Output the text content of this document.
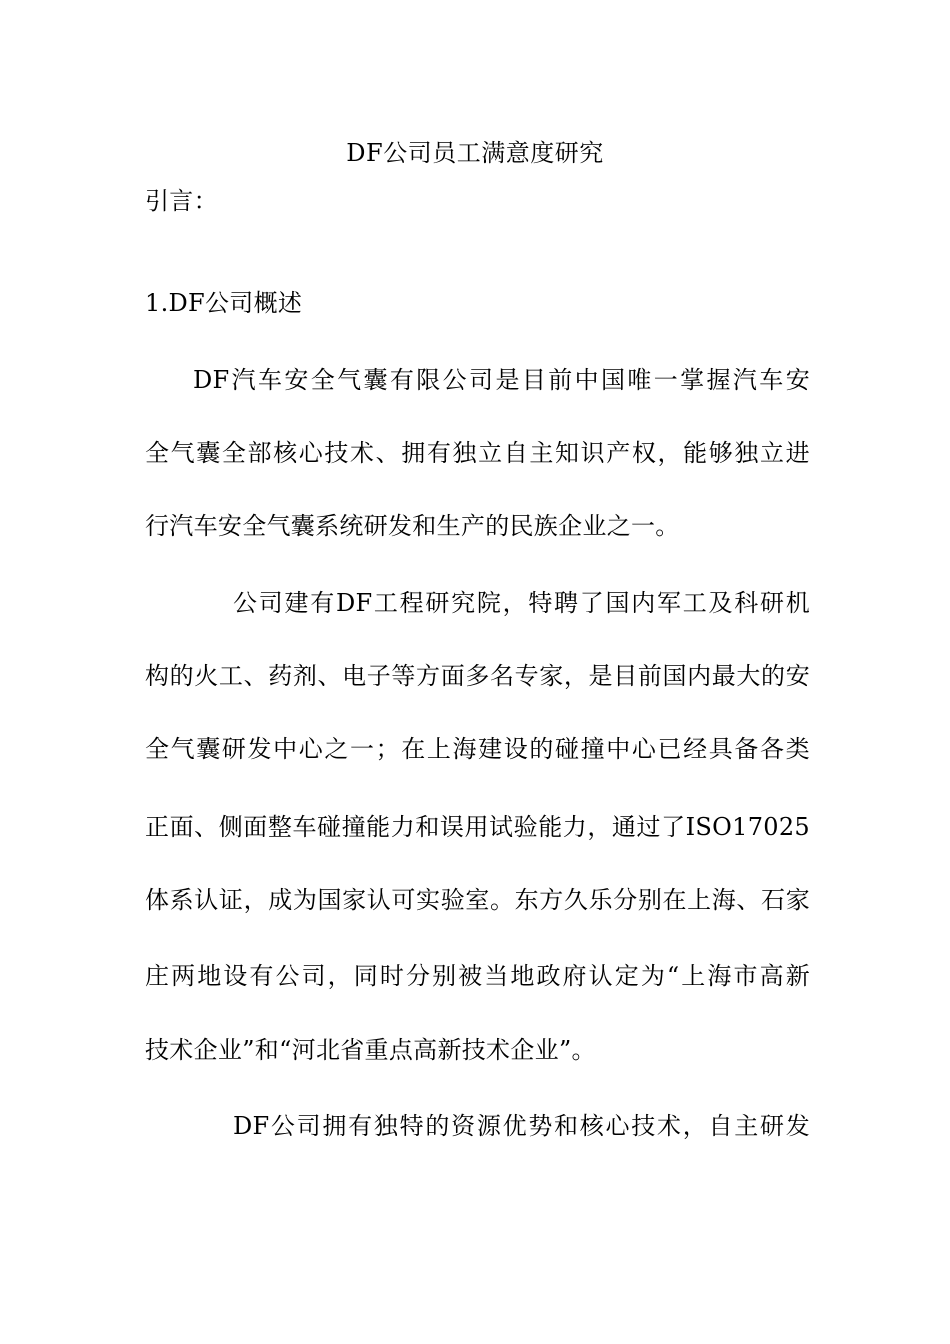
DF公司员工满意度研究
引言：
1.DF公司概述
DF汽车安全气囊有限公司是目前中国唯一掌握汽车安
全气囊全部核心技术、拥有独立自主知识产权，能够独立进
行汽车安全气囊系统研发和生产的民族企业之一。
公司建有DF工程研究院，特聘了国内军工及科研机
构的火工、药剂、电子等方面多名专家，是目前国内最大的安
全气囊研发中心之一；在上海建设的碰撞中心已经具备各类
正面、侧面整车碰撞能力和误用试验能力，通过了ISO17025
体系认证，成为国家认可实验室。东方久乐分别在上海、石家
庄两地设有公司，同时分别被当地政府认定为“上海市高新
技术企业”和“河北省重点高新技术企业”。
DF公司拥有独特的资源优势和核心技术，自主研发
